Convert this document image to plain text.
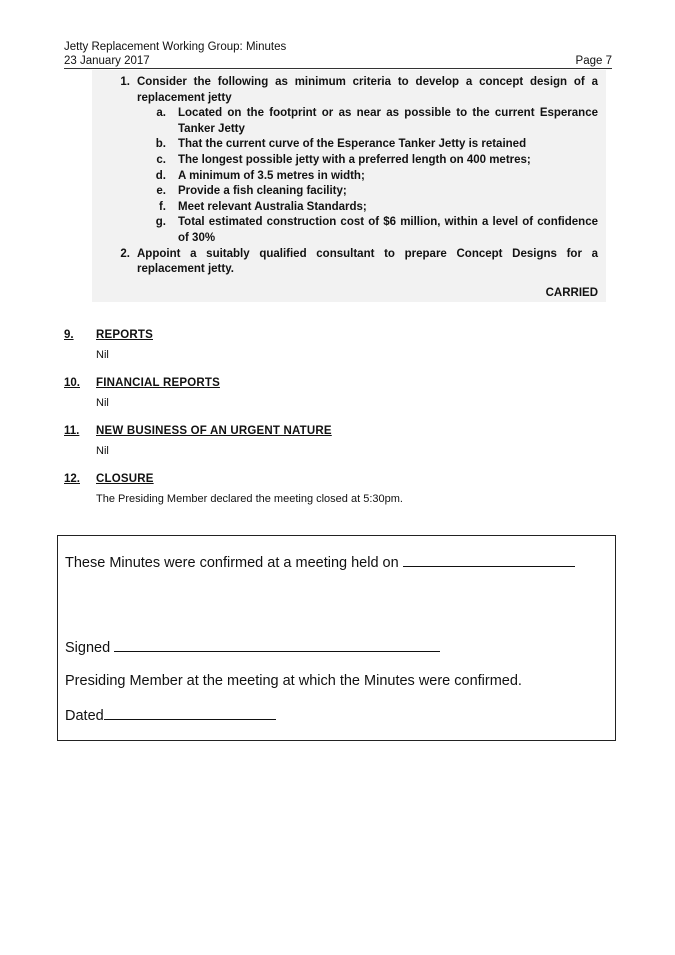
Jetty Replacement Working Group: Minutes
23 January 2017	Page 7
1. Consider the following as minimum criteria to develop a concept design of a replacement jetty
a. Located on the footprint or as near as possible to the current Esperance Tanker Jetty
b. That the current curve of the Esperance Tanker Jetty is retained
c. The longest possible jetty with a preferred length on 400 metres;
d. A minimum of 3.5 metres in width;
e. Provide a fish cleaning facility;
f. Meet relevant Australia Standards;
g. Total estimated construction cost of $6 million, within a level of confidence of 30%
2. Appoint a suitably qualified consultant to prepare Concept Designs for a replacement jetty.
CARRIED
9. REPORTS
Nil
10. FINANCIAL REPORTS
Nil
11. NEW BUSINESS OF AN URGENT NATURE
Nil
12. CLOSURE
The Presiding Member declared the meeting closed at 5:30pm.
These Minutes were confirmed at a meeting held on
Signed
Presiding Member at the meeting at which the Minutes were confirmed.
Dated
